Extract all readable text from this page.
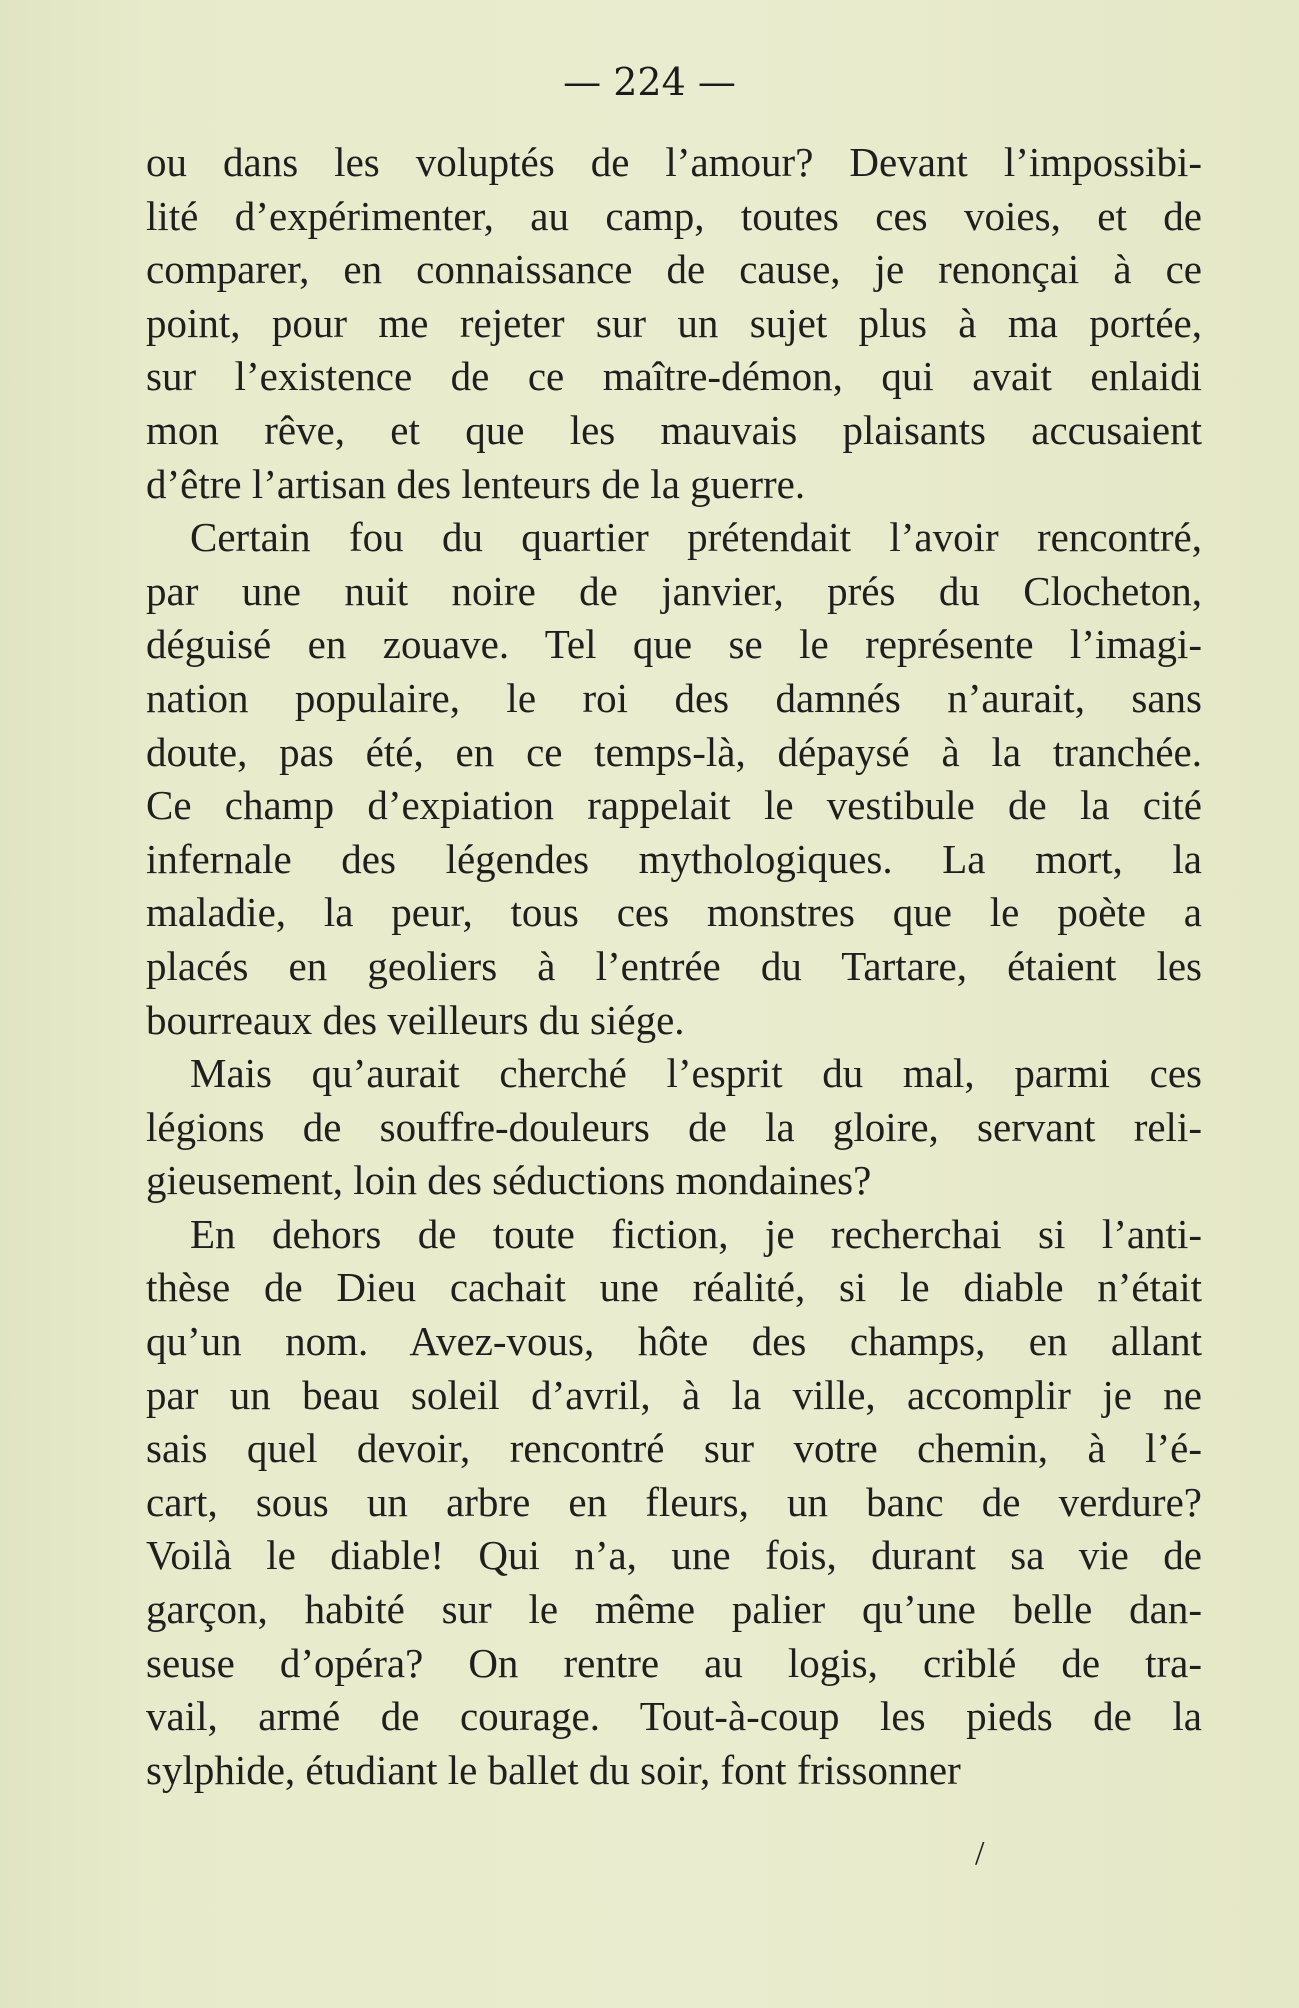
— 224 —
ou dans les voluptés de l’amour? Devant l’impossibi-
lité d’expérimenter, au camp, toutes ces voies, et de
comparer, en connaissance de cause, je renonçai à ce
point, pour me rejeter sur un sujet plus à ma portée,
sur l’existence de ce maître-démon, qui avait enlaidi
mon rêve, et que les mauvais plaisants accusaient
d’être l’artisan des lenteurs de la guerre.
Certain fou du quartier prétendait l’avoir rencontré,
par une nuit noire de janvier, prés du Clocheton,
déguisé en zouave. Tel que se le représente l’imagi-
nation populaire, le roi des damnés n’aurait, sans
doute, pas été, en ce temps-là, dépaysé à la tranchée.
Ce champ d’expiation rappelait le vestibule de la cité
infernale des légendes mythologiques. La mort, la
maladie, la peur, tous ces monstres que le poète a
placés en geoliers à l’entrée du Tartare, étaient les
bourreaux des veilleurs du siége.
Mais qu’aurait cherché l’esprit du mal, parmi ces
légions de souffre-douleurs de la gloire, servant reli-
gieusement, loin des séductions mondaines?
En dehors de toute fiction, je recherchai si l’anti-
thèse de Dieu cachait une réalité, si le diable n’était
qu’un nom. Avez-vous, hôte des champs, en allant
par un beau soleil d’avril, à la ville, accomplir je ne
sais quel devoir, rencontré sur votre chemin, à l’é-
cart, sous un arbre en fleurs, un banc de verdure?
Voilà le diable! Qui n’a, une fois, durant sa vie de
garçon, habité sur le même palier qu’une belle dan-
seuse d’opéra? On rentre au logis, criblé de tra-
vail, armé de courage. Tout-à-coup les pieds de la
sylphide, étudiant le ballet du soir, font frissonner
/
